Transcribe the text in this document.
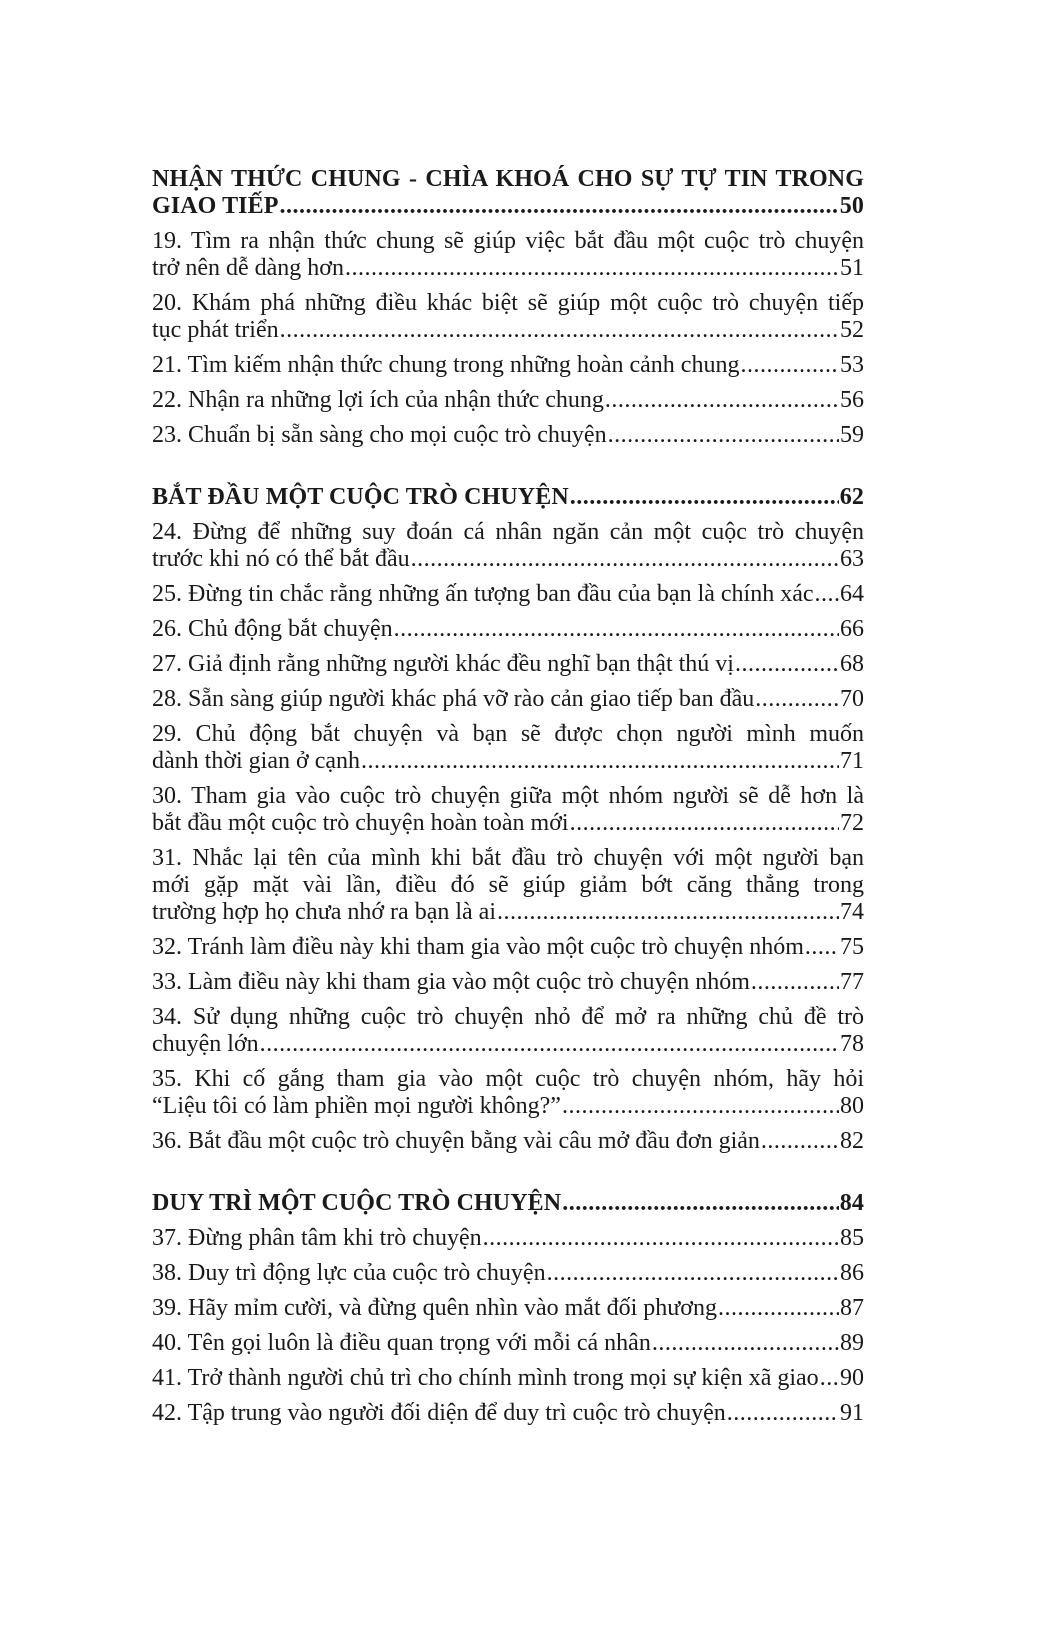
NHẬN THỨC CHUNG - CHÌA KHOÁ CHO SỰ TỰ TIN TRONG
GIAO TIẾP .....	50
19. Tìm ra nhận thức chung sẽ giúp việc bắt đầu một cuộc trò chuyện
trở nên dễ dàng hơn .....	51
20. Khám phá những điều khác biệt sẽ giúp một cuộc trò chuyện tiếp
tục phát triển .....	52
21. Tìm kiếm nhận thức chung trong những hoàn cảnh chung .....	53
22. Nhận ra những lợi ích của nhận thức chung .....	56
23. Chuẩn bị sẵn sàng cho mọi cuộc trò chuyện .....	59
BẮT ĐẦU MỘT CUỘC TRÒ CHUYỆN .....	62
24. Đừng để những suy đoán cá nhân ngăn cản một cuộc trò chuyện
trước khi nó có thể bắt đầu .....	63
25. Đừng tin chắc rằng những ấn tượng ban đầu của bạn là chính xác ..... 64
26. Chủ động bắt chuyện .....	66
27. Giả định rằng những người khác đều nghĩ bạn thật thú vị .....	68
28. Sẵn sàng giúp người khác phá vỡ rào cản giao tiếp ban đầu .....	70
29. Chủ động bắt chuyện và bạn sẽ được chọn người mình muốn
dành thời gian ở cạnh .....	71
30. Tham gia vào cuộc trò chuyện giữa một nhóm người sẽ dễ hơn là
bắt đầu một cuộc trò chuyện hoàn toàn mới .....	72
31. Nhắc lại tên của mình khi bắt đầu trò chuyện với một người bạn
mới gặp mặt vài lần, điều đó sẽ giúp giảm bớt căng thẳng trong
trường hợp họ chưa nhớ ra bạn là ai .....	74
32. Tránh làm điều này khi tham gia vào một cuộc trò chuyện nhóm ..... 75
33. Làm điều này khi tham gia vào một cuộc trò chuyện nhóm .....	77
34. Sử dụng những cuộc trò chuyện nhỏ để mở ra những chủ đề trò
chuyện lớn .....	78
35. Khi cố gắng tham gia vào một cuộc trò chuyện nhóm, hãy hỏi
“Liệu tôi có làm phiền mọi người không?” .....	80
36. Bắt đầu một cuộc trò chuyện bằng vài câu mở đầu đơn giản .....	82
DUY TRÌ MỘT CUỘC TRÒ CHUYỆN .....	84
37. Đừng phân tâm khi trò chuyện .....	85
38. Duy trì động lực của cuộc trò chuyện .....	86
39. Hãy mỉm cười, và đừng quên nhìn vào mắt đối phương .....	87
40. Tên gọi luôn là điều quan trọng với mỗi cá nhân .....	89
41. Trở thành người chủ trì cho chính mình trong mọi sự kiện xã giao ..... 90
42. Tập trung vào người đối diện để duy trì cuộc trò chuyện .....	91
